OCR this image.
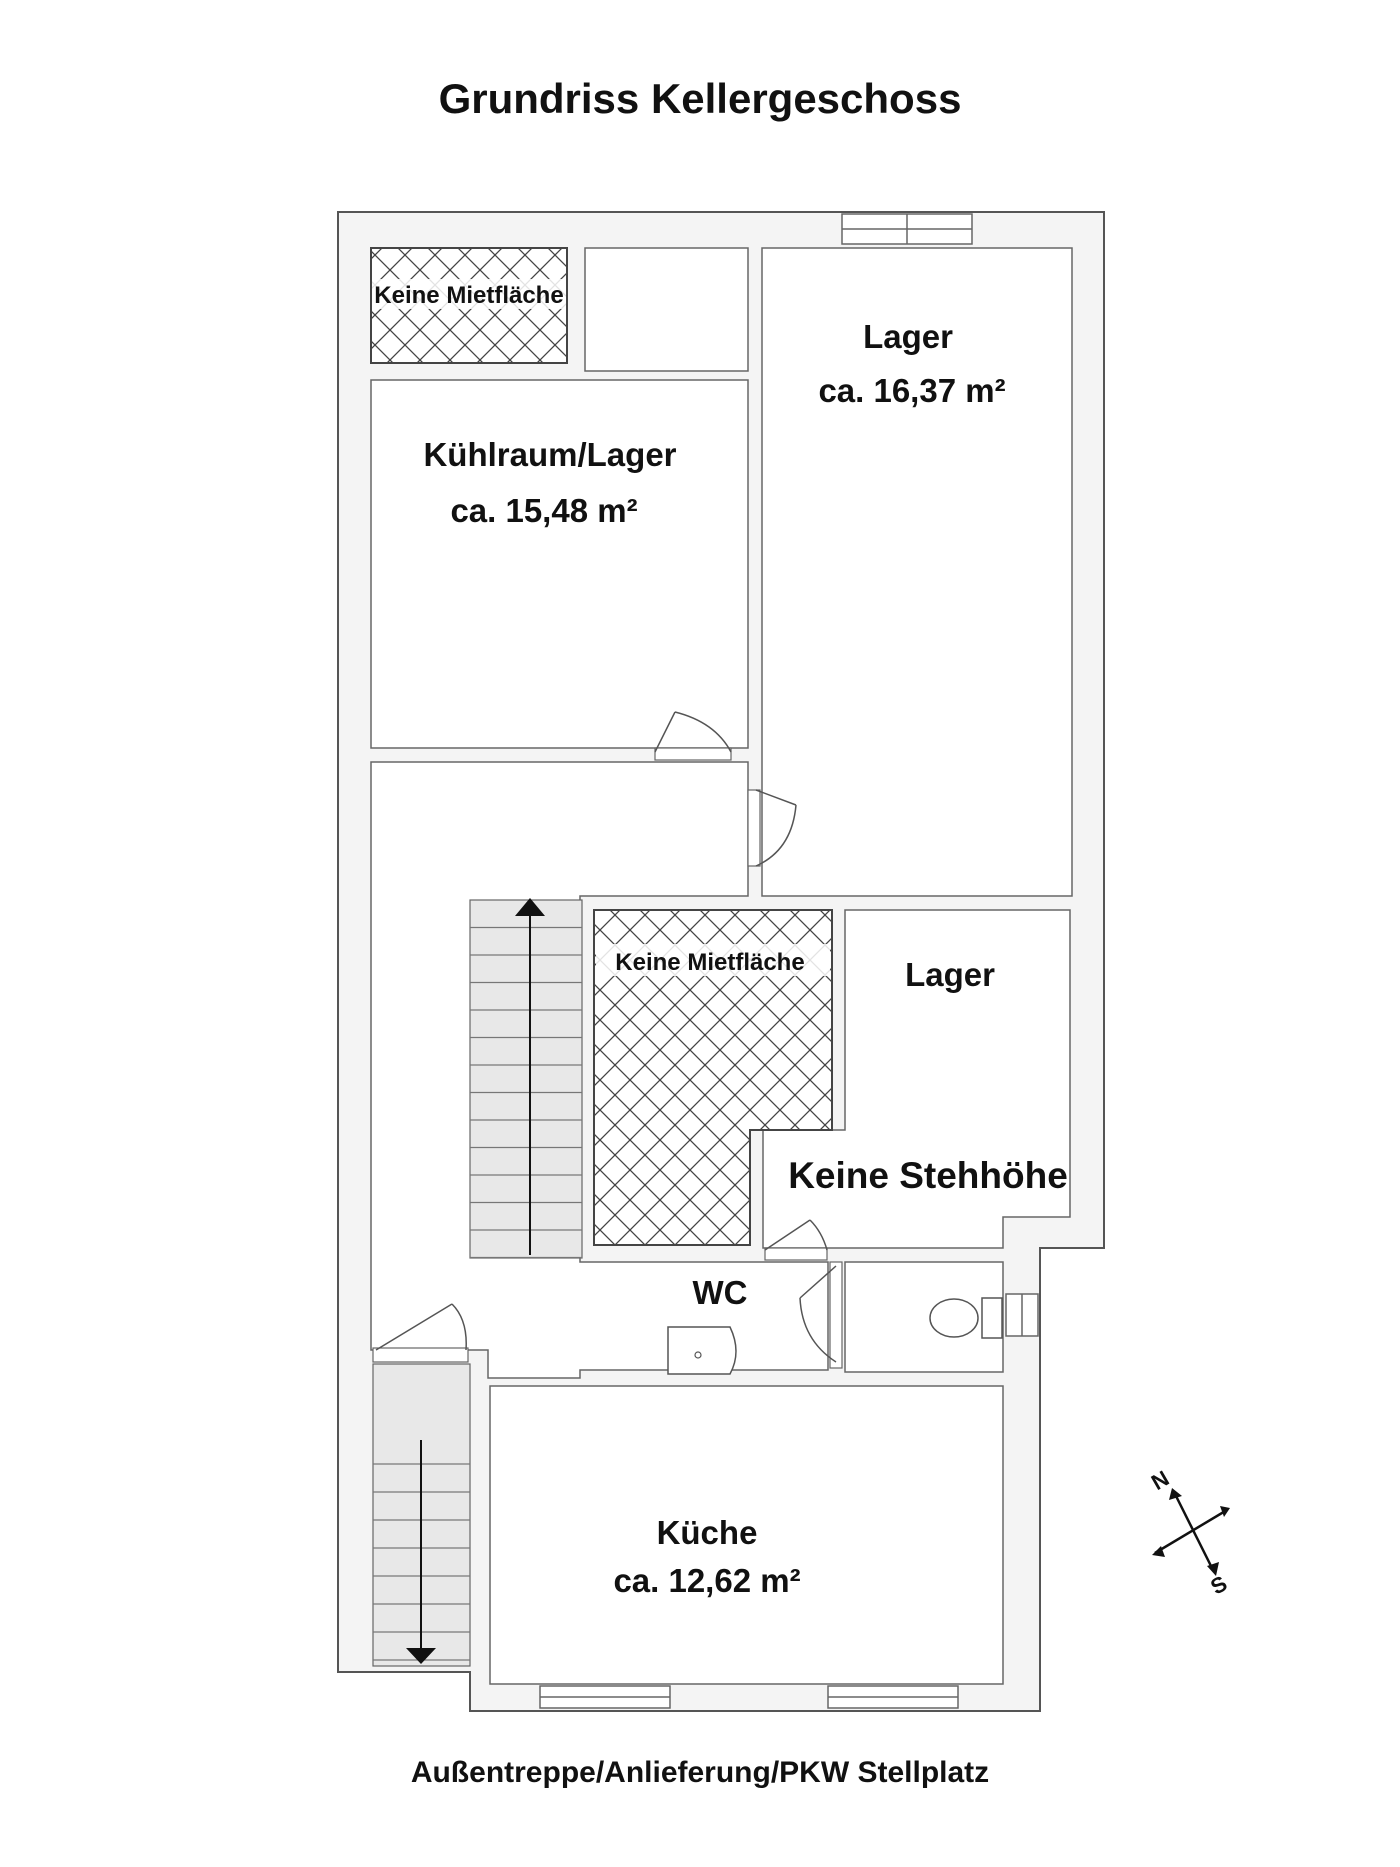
Grundriss Kellergeschoss
Keine Mietfläche
Keine Mietfläche
Kühlraum/Lager
ca. 15,48 m²
Lager
ca. 16,37 m²
Lager
Keine Stehhöhe
WC
Küche
ca. 12,62 m²
N
S
Außentreppe/Anlieferung/PKW Stellplatz
